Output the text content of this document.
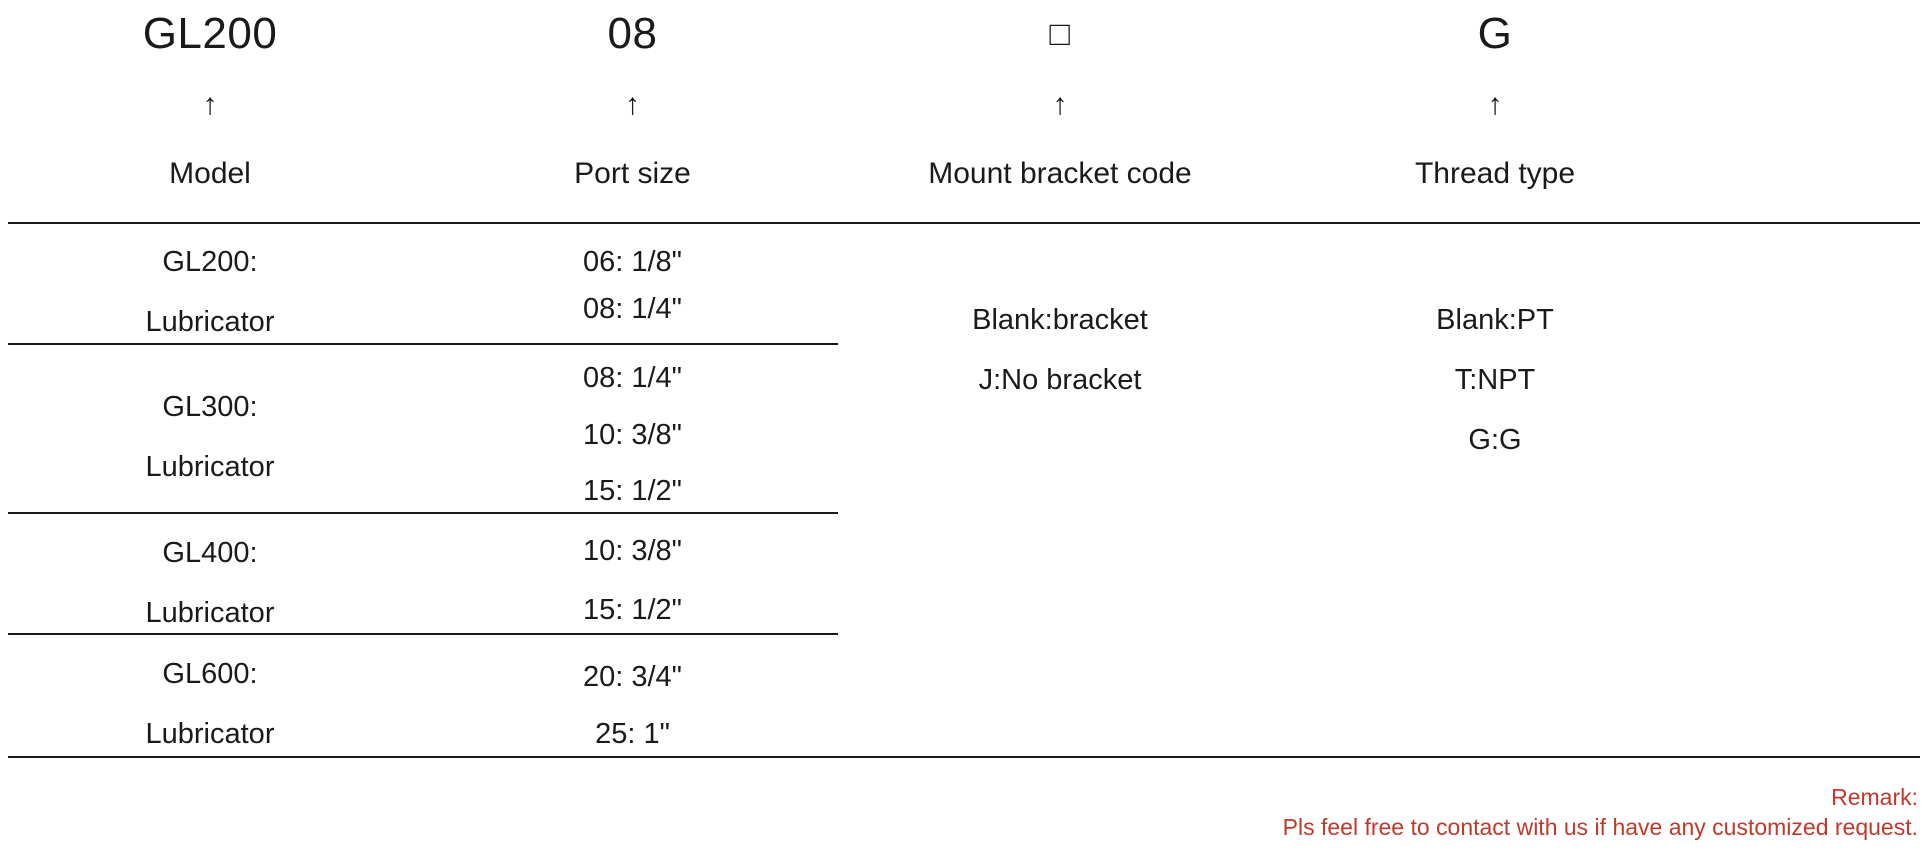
GL200
↑
Model
08
↑
Port size
□
↑
Mount bracket code
Blank:bracket
J:No bracket
G
↑
Thread type
Blank:PT
T:NPT
G:G
GL200:
Lubricator
GL300:
Lubricator
GL400:
Lubricator
GL600:
Lubricator
06: 1/8"
08: 1/4"
08: 1/4"
10: 3/8"
15: 1/2"
10: 3/8"
15: 1/2"
20: 3/4"
25: 1"
Remark:
Pls feel free to contact with us if have any customized request.
